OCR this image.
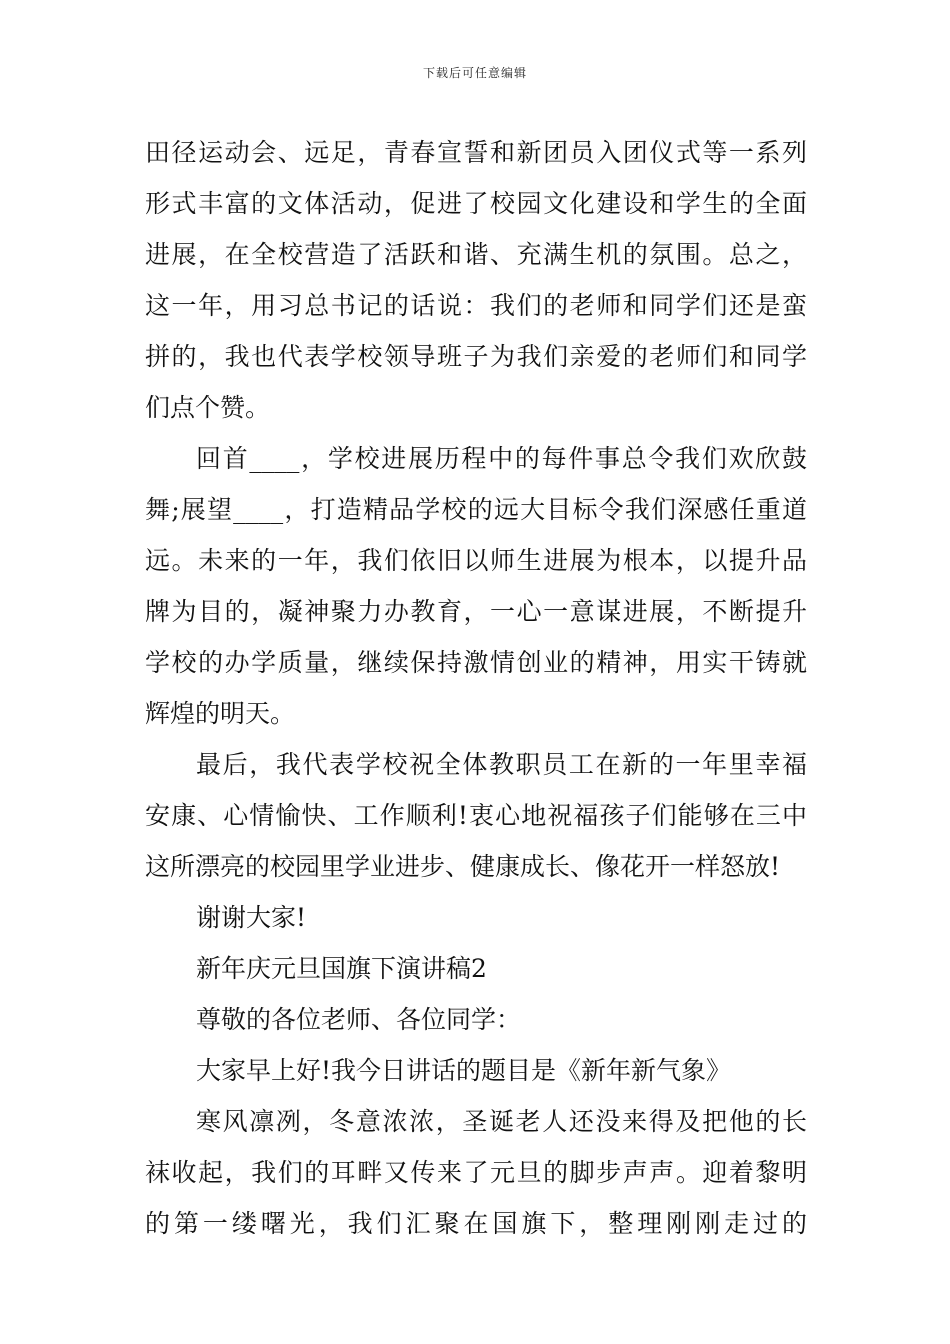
下载后可任意编辑
田径运动会、远足，青春宣誓和新团员入团仪式等一系列
形式丰富的文体活动，促进了校园文化建设和学生的全面
进展，在全校营造了活跃和谐、充满生机的氛围。总之，
这一年，用习总书记的话说：我们的老师和同学们还是蛮
拼的，我也代表学校领导班子为我们亲爱的老师们和同学
们点个赞。
回首____，学校进展历程中的每件事总令我们欢欣鼓
舞;展望____，打造精品学校的远大目标令我们深感任重道
远。未来的一年，我们依旧以师生进展为根本，以提升品
牌为目的，凝神聚力办教育，一心一意谋进展，不断提升
学校的办学质量，继续保持激情创业的精神，用实干铸就
辉煌的明天。
最后，我代表学校祝全体教职员工在新的一年里幸福
安康、心情愉快、工作顺利!衷心地祝福孩子们能够在三中
这所漂亮的校园里学业进步、健康成长、像花开一样怒放!
谢谢大家!
新年庆元旦国旗下演讲稿2
尊敬的各位老师、各位同学：
大家早上好!我今日讲话的题目是《新年新气象》
寒风凛冽，冬意浓浓，圣诞老人还没来得及把他的长
袜收起，我们的耳畔又传来了元旦的脚步声声。迎着黎明
的第一缕曙光，我们汇聚在国旗下，整理刚刚走过的
